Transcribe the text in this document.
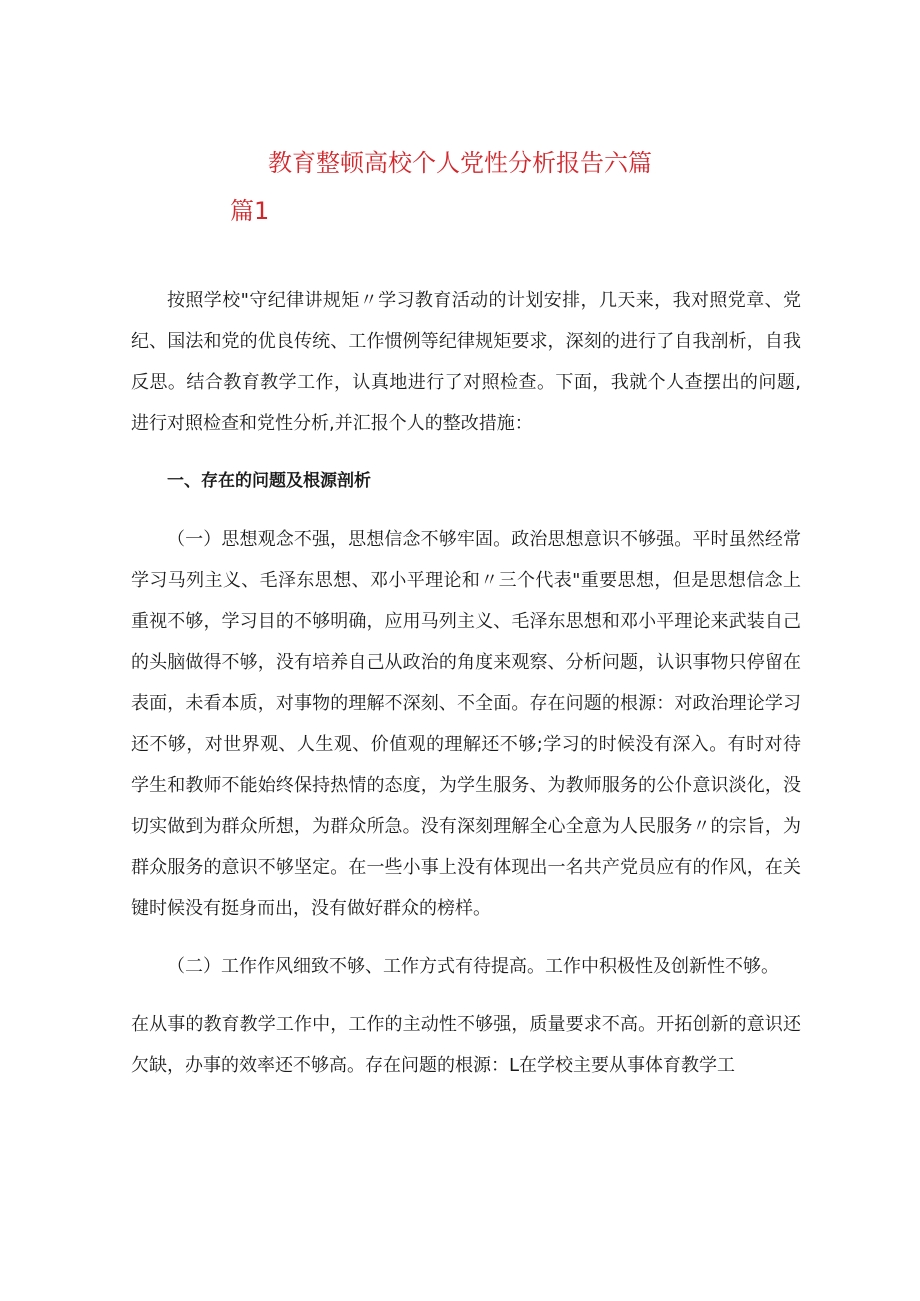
教育整顿高校个人党性分析报告六篇
篇1

按照学校"守纪律讲规矩〃学习教育活动的计划安排，几天来，我对照党章、党纪、国法和党的优良传统、工作惯例等纪律规矩要求，深刻的进行了自我剖析，自我反思。结合教育教学工作，认真地进行了对照检查。下面，我就个人查摆出的问题,进行对照检查和党性分析,并汇报个人的整改措施：

一、存在的问题及根源剖析

（一）思想观念不强，思想信念不够牢固。政治思想意识不够强。平时虽然经常学习马列主义、毛泽东思想、邓小平理论和〃三个代表"重要思想，但是思想信念上重视不够，学习目的不够明确，应用马列主义、毛泽东思想和邓小平理论来武装自己的头脑做得不够，没有培养自己从政治的角度来观察、分析问题，认识事物只停留在表面，未看本质，对事物的理解不深刻、不全面。存在问题的根源：对政治理论学习还不够，对世界观、人生观、价值观的理解还不够;学习的时候没有深入。有时对待学生和教师不能始终保持热情的态度，为学生服务、为教师服务的公仆意识淡化，没切实做到为群众所想，为群众所急。没有深刻理解全心全意为人民服务〃的宗旨，为群众服务的意识不够坚定。在一些小事上没有体现出一名共产党员应有的作风，在关键时候没有挺身而出，没有做好群众的榜样。

（二）工作作风细致不够、工作方式有待提高。工作中积极性及创新性不够。

在从事的教育教学工作中，工作的主动性不够强，质量要求不高。开拓创新的意识还欠缺，办事的效率还不够高。存在问题的根源：L在学校主要从事体育教学工
